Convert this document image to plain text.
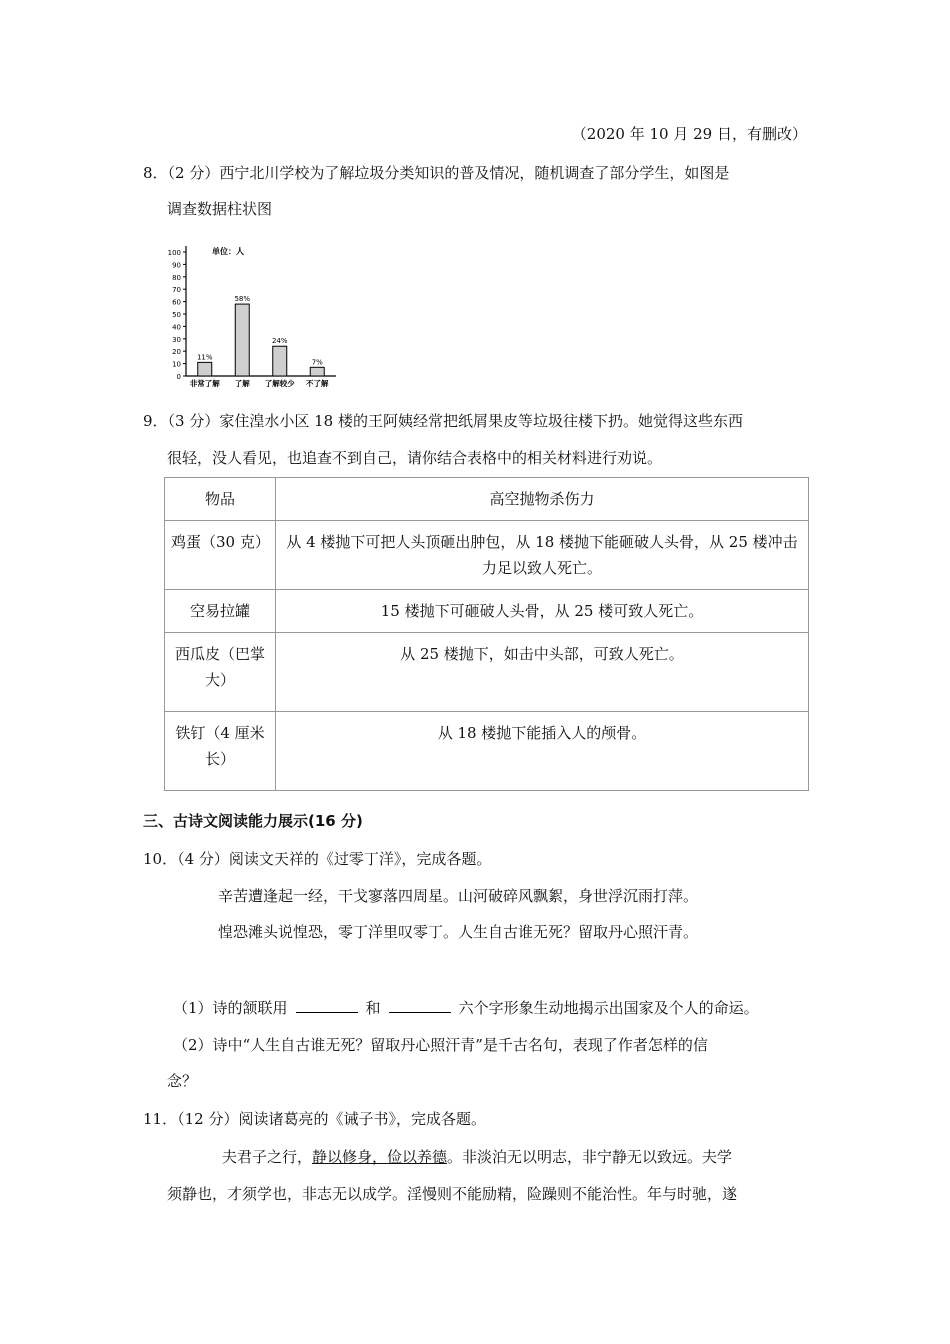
（2020 年 10 月 29 日，有删改）
8．（2 分）西宁北川学校为了解垃圾分类知识的普及情况，随机调查了部分学生，如图是
调查数据柱状图
0
10
20
30
40
50
60
70
80
90
100	单位：人
11%
非常了解
58%
了解
24%
了解较少
7%
不了解
9．（3 分）家住湟水小区 18 楼的王阿姨经常把纸屑果皮等垃圾往楼下扔。她觉得这些东西
很轻，没人看见，也追查不到自己，请你结合表格中的相关材料进行劝说。
物品	高空抛物杀伤力
鸡蛋（30 克）	从 4 楼抛下可把人头顶砸出肿包，从 18 楼抛下能砸破人头骨，从 25 楼冲击力足以致人死亡。
空易拉罐	15 楼抛下可砸破人头骨，从 25 楼可致人死亡。
西瓜皮（巴掌大）	从 25 楼抛下，如击中头部，可致人死亡。
铁钉（4 厘米长）	从 18 楼抛下能插入人的颅骨。
三、古诗文阅读能力展示(16 分)
10．（4 分）阅读文天祥的《过零丁洋》，完成各题。
辛苦遭逢起一经，干戈寥落四周星。山河破碎风飘絮，身世浮沉雨打萍。
惶恐滩头说惶恐，零丁洋里叹零丁。人生自古谁无死？留取丹心照汗青。
（1）诗的颔联用	和	六个字形象生动地揭示出国家及个人的命运。
（2）诗中“人生自古谁无死？留取丹心照汗青”是千古名句，表现了作者怎样的信
念？
11．（12 分）阅读诸葛亮的《诫子书》，完成各题。
夫君子之行，静以修身，俭以养德。非淡泊无以明志，非宁静无以致远。夫学
须静也，才须学也，非志无以成学。淫慢则不能励精，险躁则不能治性。年与时驰，遂
